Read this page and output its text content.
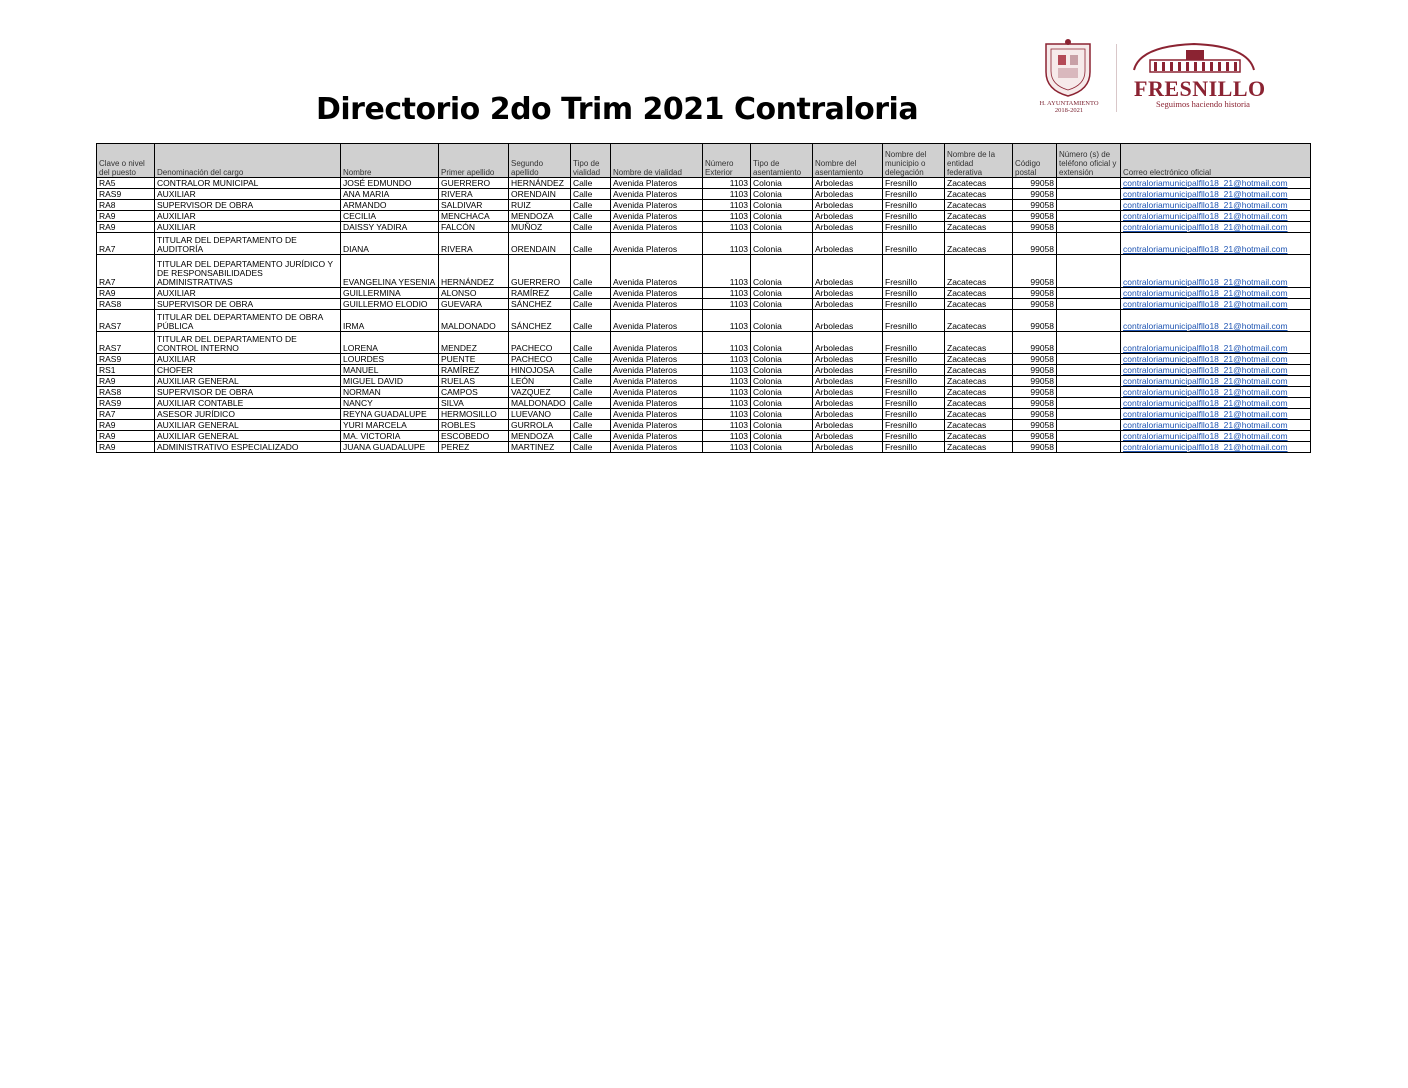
Directorio 2do Trim 2021 Contraloria	H. AYUNTAMIENTO
2018-2021
FRESNILLO
Seguimos haciendo historia
Clave o nivel del puesto	Denominación del cargo	Nombre	Primer apellido	Segundo apellido	Tipo de vialidad	Nombre de vialidad	Número Exterior	Tipo de asentamiento	Nombre del asentamiento	Nombre del municipio o delegación	Nombre de la entidad federativa	Código postal	Número (s) de teléfono oficial y extensión	Correo electrónico oficial
RA5	CONTRALOR MUNICIPAL	JOSÉ EDMUNDO	GUERRERO	HERNÁNDEZ	Calle	Avenida Plateros	1103	Colonia	Arboledas	Fresnillo	Zacatecas	99058		contraloriamunicipalfllo18_21@hotmail.com
RAS9	AUXILIAR	ANA MARIA	RIVERA	ORENDAIN	Calle	Avenida Plateros	1103	Colonia	Arboledas	Fresnillo	Zacatecas	99058		contraloriamunicipalfllo18_21@hotmail.com
RA8	SUPERVISOR DE OBRA	ARMANDO	SALDIVAR	RUIZ	Calle	Avenida Plateros	1103	Colonia	Arboledas	Fresnillo	Zacatecas	99058		contraloriamunicipalfllo18_21@hotmail.com
RA9	AUXILIAR	CECILIA	MENCHACA	MENDOZA	Calle	Avenida Plateros	1103	Colonia	Arboledas	Fresnillo	Zacatecas	99058		contraloriamunicipalfllo18_21@hotmail.com
RA9	AUXILIAR	DAISSY YADIRA	FALCÓN	MUÑOZ	Calle	Avenida Plateros	1103	Colonia	Arboledas	Fresnillo	Zacatecas	99058		contraloriamunicipalfllo18_21@hotmail.com
RA7	TITULAR DEL DEPARTAMENTO DE AUDITORÍA	DIANA	RIVERA	ORENDAIN	Calle	Avenida Plateros	1103	Colonia	Arboledas	Fresnillo	Zacatecas	99058		contraloriamunicipalfllo18_21@hotmail.com
RA7	TITULAR DEL DEPARTAMENTO JURÍDICO Y DE RESPONSABILIDADES ADMINISTRATIVAS	EVANGELINA YESENIA	HERNÁNDEZ	GUERRERO	Calle	Avenida Plateros	1103	Colonia	Arboledas	Fresnillo	Zacatecas	99058		contraloriamunicipalfllo18_21@hotmail.com
RA9	AUXILIAR	GUILLERMINA	ALONSO	RAMÍREZ	Calle	Avenida Plateros	1103	Colonia	Arboledas	Fresnillo	Zacatecas	99058		contraloriamunicipalfllo18_21@hotmail.com
RAS8	SUPERVISOR DE OBRA	GUILLERMO ELODIO	GUEVARA	SÁNCHEZ	Calle	Avenida Plateros	1103	Colonia	Arboledas	Fresnillo	Zacatecas	99058		contraloriamunicipalfllo18_21@hotmail.com
RAS7	TITULAR DEL DEPARTAMENTO DE OBRA PÚBLICA	IRMA	MALDONADO	SÁNCHEZ	Calle	Avenida Plateros	1103	Colonia	Arboledas	Fresnillo	Zacatecas	99058		contraloriamunicipalfllo18_21@hotmail.com
RAS7	TITULAR DEL DEPARTAMENTO DE CONTROL INTERNO	LORENA	MENDEZ	PACHECO	Calle	Avenida Plateros	1103	Colonia	Arboledas	Fresnillo	Zacatecas	99058		contraloriamunicipalfllo18_21@hotmail.com
RAS9	AUXILIAR	LOURDES	PUENTE	PACHECO	Calle	Avenida Plateros	1103	Colonia	Arboledas	Fresnillo	Zacatecas	99058		contraloriamunicipalfllo18_21@hotmail.com
RS1	CHOFER	MANUEL	RAMÍREZ	HINOJOSA	Calle	Avenida Plateros	1103	Colonia	Arboledas	Fresnillo	Zacatecas	99058		contraloriamunicipalfllo18_21@hotmail.com
RA9	AUXILIAR GENERAL	MIGUEL DAVID	RUELAS	LEÓN	Calle	Avenida Plateros	1103	Colonia	Arboledas	Fresnillo	Zacatecas	99058		contraloriamunicipalfllo18_21@hotmail.com
RAS8	SUPERVISOR DE OBRA	NORMAN	CAMPOS	VAZQUEZ	Calle	Avenida Plateros	1103	Colonia	Arboledas	Fresnillo	Zacatecas	99058		contraloriamunicipalfllo18_21@hotmail.com
RAS9	AUXILIAR CONTABLE	NANCY	SILVA	MALDONADO	Calle	Avenida Plateros	1103	Colonia	Arboledas	Fresnillo	Zacatecas	99058		contraloriamunicipalfllo18_21@hotmail.com
RA7	ASESOR JURÍDICO	REYNA GUADALUPE	HERMOSILLO	LUEVANO	Calle	Avenida Plateros	1103	Colonia	Arboledas	Fresnillo	Zacatecas	99058		contraloriamunicipalfllo18_21@hotmail.com
RA9	AUXILIAR GENERAL	YURI MARCELA	ROBLES	GURROLA	Calle	Avenida Plateros	1103	Colonia	Arboledas	Fresnillo	Zacatecas	99058		contraloriamunicipalfllo18_21@hotmail.com
RA9	AUXILIAR GENERAL	MA. VICTORIA	ESCOBEDO	MENDOZA	Calle	Avenida Plateros	1103	Colonia	Arboledas	Fresnillo	Zacatecas	99058		contraloriamunicipalfllo18_21@hotmail.com
RA9	ADMINISTRATIVO ESPECIALIZADO	JUANA GUADALUPE	PEREZ	MARTINEZ	Calle	Avenida Plateros	1103	Colonia	Arboledas	Fresnillo	Zacatecas	99058		contraloriamunicipalfllo18_21@hotmail.com
